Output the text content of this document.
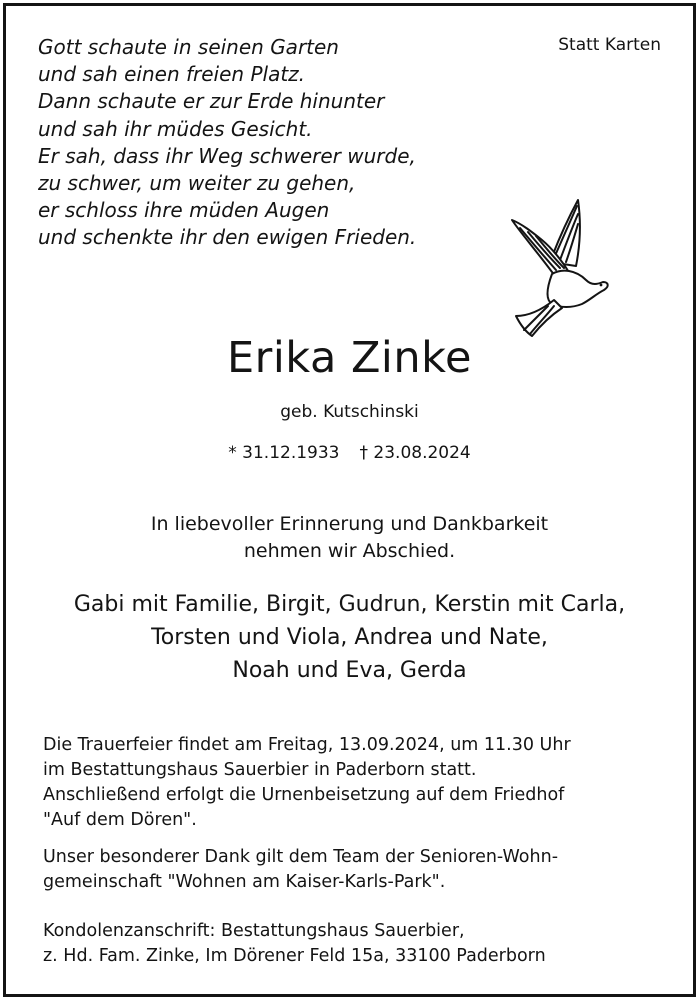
Gott schaute in seinen Garten
und sah einen freien Platz.
Dann schaute er zur Erde hinunter
und sah ihr müdes Gesicht.
Er sah, dass ihr Weg schwerer wurde,
zu schwer, um weiter zu gehen,
er schloss ihre müden Augen
und schenkte ihr den ewigen Frieden.
Statt Karten
Erika Zinke
geb. Kutschinski
* 31.12.1933 † 23.08.2024
In liebevoller Erinnerung und Dankbarkeit
nehmen wir Abschied.
Gabi mit Familie, Birgit, Gudrun, Kerstin mit Carla,
Torsten und Viola, Andrea und Nate,
Noah und Eva, Gerda
Die Trauerfeier findet am Freitag, 13.09.2024, um 11.30 Uhr
im Bestattungshaus Sauerbier in Paderborn statt.
Anschließend erfolgt die Urnenbeisetzung auf dem Friedhof
"Auf dem Dören".
Unser besonderer Dank gilt dem Team der Senioren-Wohn-
gemeinschaft "Wohnen am Kaiser-Karls-Park".
Kondolenzanschrift: Bestattungshaus Sauerbier,
z. Hd. Fam. Zinke, Im Dörener Feld 15a, 33100 Paderborn
